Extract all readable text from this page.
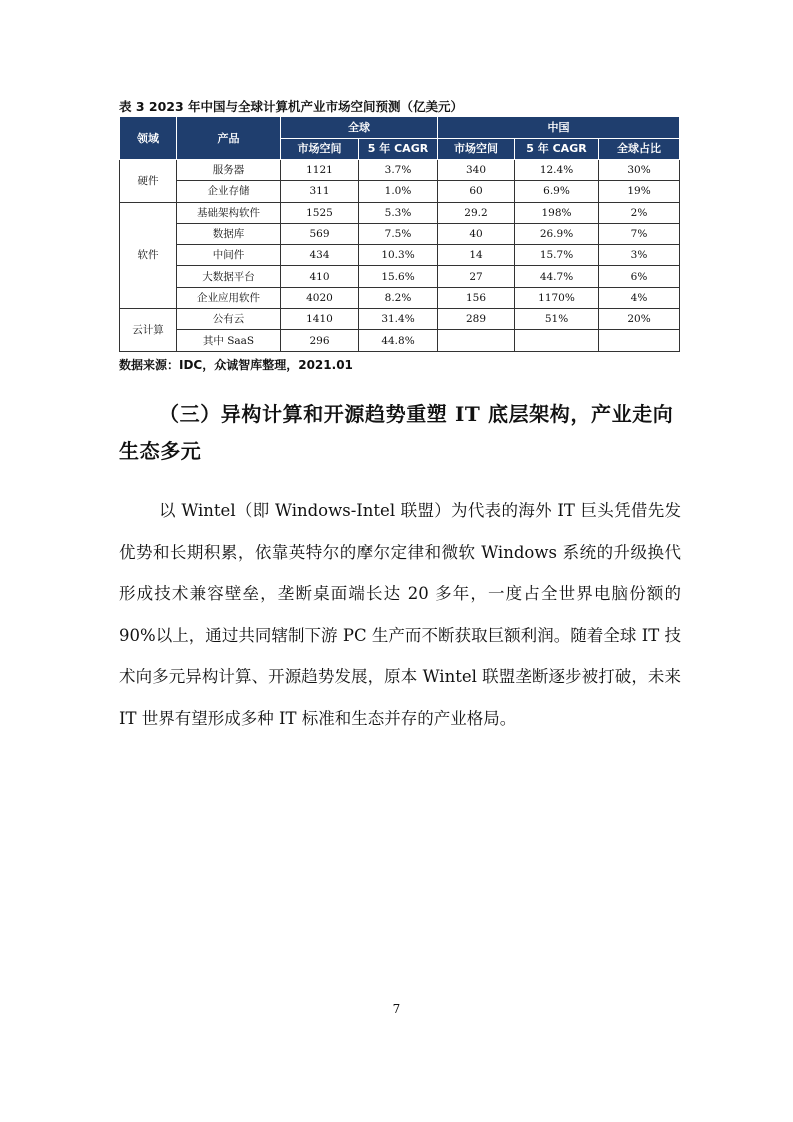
表 3 2023 年中国与全球计算机产业市场空间预测（亿美元）

领域	产品	全球		中国		
		市场空间	5 年 CAGR	市场空间	5 年 CAGR	全球占比
硬件	服务器	1121	3.7%	340	12.4%	30%
	企业存储	311	1.0%	60	6.9%	19%
软件	基础架构软件	1525	5.3%	29.2	198%	2%
	数据库	569	7.5%	40	26.9%	7%
	中间件	434	10.3%	14	15.7%	3%
	大数据平台	410	15.6%	27	44.7%	6%
	企业应用软件	4020	8.2%	156	1170%	4%
云计算	公有云	1410	31.4%	289	51%	20%
	其中 SaaS	296	44.8%			

数据来源：IDC，众诚智库整理，2021.01

（三）异构计算和开源趋势重塑 IT 底层架构，产业走向生态多元

以 Wintel（即 Windows-Intel 联盟）为代表的海外 IT 巨头凭借先发优势和长期积累，依靠英特尔的摩尔定律和微软 Windows 系统的升级换代形成技术兼容壁垒，垄断桌面端长达 20 多年，一度占全世界电脑份额的 90%以上，通过共同辖制下游 PC 生产而不断获取巨额利润。随着全球 IT 技术向多元异构计算、开源趋势发展，原本 Wintel 联盟垄断逐步被打破，未来 IT 世界有望形成多种 IT 标准和生态并存的产业格局。

7
